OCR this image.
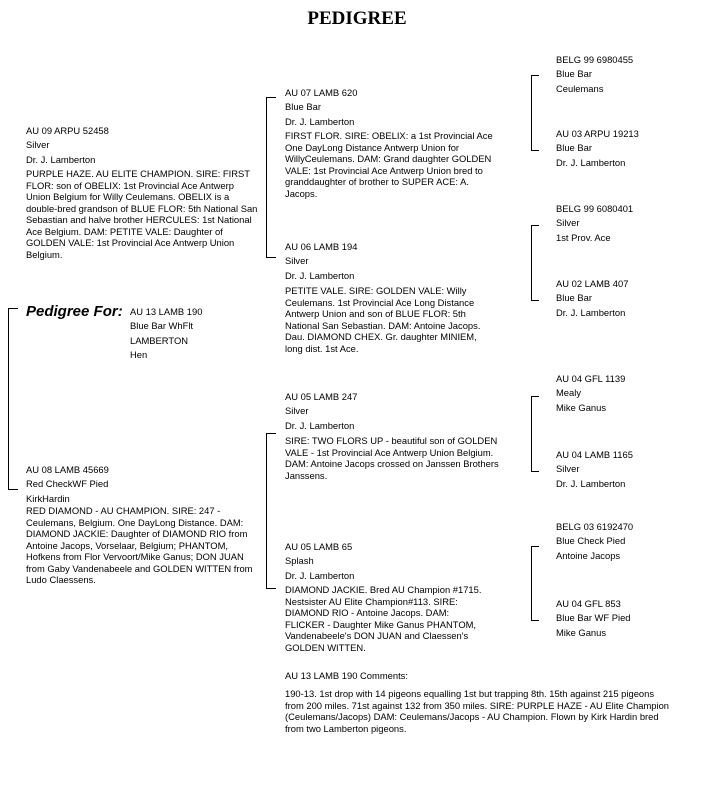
PEDIGREE
Pedigree For: AU 13 LAMB 190
Blue Bar WhFlt
LAMBERTON
Hen
AU 09 ARPU 52458
Silver
Dr. J. Lamberton
PURPLE HAZE. AU ELITE CHAMPION. SIRE: FIRST FLOR: son of OBELIX: 1st Provincial Ace Antwerp Union Belgium for Willy Ceulemans. OBELIX is a double-bred grandson of BLUE FLOR: 5th National San Sebastian and halve brother HERCULES: 1st National Ace Belgium. DAM: PETITE VALE: Daughter of GOLDEN VALE: 1st Provincial Ace Antwerp Union Belgium.
AU 08 LAMB 45669
Red CheckWF Pied
KirkHardin
RED DIAMOND - AU CHAMPION. SIRE: 247 - Ceulemans, Belgium. One DayLong Distance. DAM: DIAMOND JACKIE: Daughter of DIAMOND RIO from Antoine Jacops, Vorselaar, Belgium; PHANTOM, Hofkens from Flor Vervoort/Mike Ganus; DON JUAN from Gaby Vandenabeele and GOLDEN WITTEN from Ludo Claessens.
AU 07 LAMB 620
Blue Bar
Dr. J. Lamberton
FIRST FLOR. SIRE: OBELIX: a 1st Provincial Ace One DayLong Distance Antwerp Union for WillyCeulemans. DAM: Grand daughter GOLDEN VALE: 1st Provincial Ace Antwerp Union bred to granddaughter of brother to SUPER ACE: A. Jacops.
AU 06 LAMB 194
Silver
Dr. J. Lamberton
PETITE VALE. SIRE: GOLDEN VALE: Willy Ceulemans. 1st Provincial Ace Long Distance Antwerp Union and son of BLUE FLOR: 5th National San Sebastian. DAM: Antoine Jacops. Dau. DIAMOND CHEX. Gr. daughter MINIEM, long dist. 1st Ace.
AU 05 LAMB 247
Silver
Dr. J. Lamberton
SIRE: TWO FLORS UP - beautiful son of GOLDEN VALE - 1st Provincial Ace Antwerp Union Belgium. DAM: Antoine Jacops crossed on Janssen Brothers Janssens.
AU 05 LAMB 65
Splash
Dr. J. Lamberton
DIAMOND JACKIE. Bred AU Champion #1715. Nestsister AU Elite Champion#113. SIRE: DIAMOND RIO - Antoine Jacops. DAM: FLICKER - Daughter Mike Ganus PHANTOM, Vandenabeele's DON JUAN and Claessen's GOLDEN WITTEN.
BELG 99 6980455
Blue Bar
Ceulemans
AU 03 ARPU 19213
Blue Bar
Dr. J. Lamberton
BELG 99 6080401
Silver
1st Prov. Ace
AU 02 LAMB 407
Blue Bar
Dr. J. Lamberton
AU 04 GFL 1139
Mealy
Mike Ganus
AU 04 LAMB 1165
Silver
Dr. J. Lamberton
BELG 03 6192470
Blue Check Pied
Antoine Jacops
AU 04 GFL 853
Blue Bar WF Pied
Mike Ganus
AU 13 LAMB 190 Comments:
190-13. 1st drop with 14 pigeons equalling 1st but trapping 8th. 15th against 215 pigeons from 200 miles. 71st against 132 from 350 miles. SIRE: PURPLE HAZE - AU Elite Champion (Ceulemans/Jacops) DAM: Ceulemans/Jacops - AU Champion. Flown by Kirk Hardin bred from two Lamberton pigeons.
